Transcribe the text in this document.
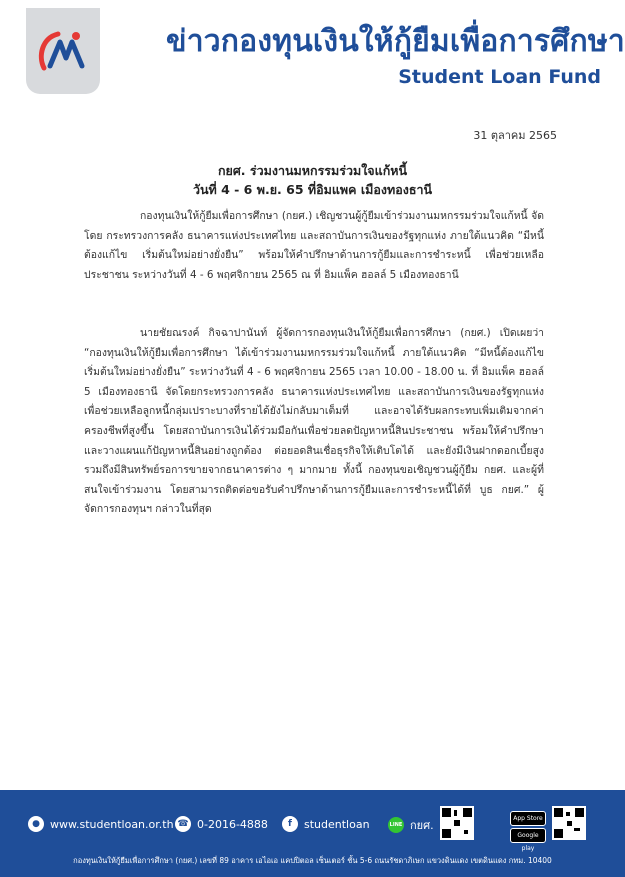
ข่าวกองทุนเงินให้กู้ยืมเพื่อการศึกษา
Student Loan Fund
31 ตุลาคม 2565
กยศ. ร่วมงานมหกรรมร่วมใจแก้หนี้
วันที่ 4 - 6 พ.ย. 65 ที่อิมแพค เมืองทองธานี
กองทุนเงินให้กู้ยืมเพื่อการศึกษา (กยศ.) เชิญชวนผู้กู้ยืมเข้าร่วมงานมหกรรมร่วมใจแก้หนี้ จัดโดย กระทรวงการคลัง ธนาคารแห่งประเทศไทย และสถาบันการเงินของรัฐทุกแห่ง ภายใต้แนวคิด “มีหนี้ต้องแก้ไข เริ่มต้นใหม่อย่างยั่งยืน” พร้อมให้คำปรึกษาด้านการกู้ยืมและการชำระหนี้ เพื่อช่วยเหลือประชาชน ระหว่างวันที่ 4 - 6 พฤศจิกายน 2565 ณ ที่ อิมแพ็ค ฮอลล์ 5 เมืองทองธานี
นายชัยณรงค์ กิจฉาปานันท์ ผู้จัดการกองทุนเงินให้กู้ยืมเพื่อการศึกษา (กยศ.) เปิดเผยว่า “กองทุนเงินให้กู้ยืมเพื่อการศึกษา ได้เข้าร่วมงานมหกรรมร่วมใจแก้หนี้ ภายใต้แนวคิด “มีหนี้ต้องแก้ไข เริ่มต้นใหม่อย่างยั่งยืน” ระหว่างวันที่ 4 - 6 พฤศจิกายน 2565 เวลา 10.00 - 18.00 น. ที่ อิมแพ็ค ฮอลล์ 5 เมืองทองธานี จัดโดยกระทรวงการคลัง ธนาคารแห่งประเทศไทย และสถาบันการเงินของรัฐทุกแห่ง เพื่อช่วยเหลือลูกหนี้กลุ่มเปราะบางที่รายได้ยังไม่กลับมาเต็มที่ และอาจได้รับผลกระทบเพิ่มเติมจากค่าครองชีพที่สูงขึ้น โดยสถาบันการเงินได้ร่วมมือกันเพื่อช่วยลดปัญหาหนี้สินประชาชน พร้อมให้คำปรึกษาและวางแผนแก้ปัญหาหนี้สินอย่างถูกต้อง ต่อยอดสินเชื่อธุรกิจให้เติบโตได้ และยังมีเงินฝากดอกเบี้ยสูง รวมถึงมีสินทรัพย์รอการขายจากธนาคารต่าง ๆ มากมาย ทั้งนี้ กองทุนขอเชิญชวนผู้กู้ยืม กยศ. และผู้ที่สนใจเข้าร่วมงาน โดยสามารถติดต่อขอรับคำปรึกษาด้านการกู้ยืมและการชำระหนี้ได้ที่ บูธ กยศ.” ผู้จัดการกองทุนฯ กล่าวในที่สุด
● www.studentloan.or.th ☎ 0-2016-4888	f	studentloan	LINE กยศ.
App Store
Google play
กองทุนเงินให้กู้ยืมเพื่อการศึกษา (กยศ.) เลขที่ 89 อาคาร เอไอเอ แคปปิตอล เซ็นเตอร์ ชั้น 5-6 ถนนรัชดาภิเษก แขวงดินแดง เขตดินแดง กทม. 10400
